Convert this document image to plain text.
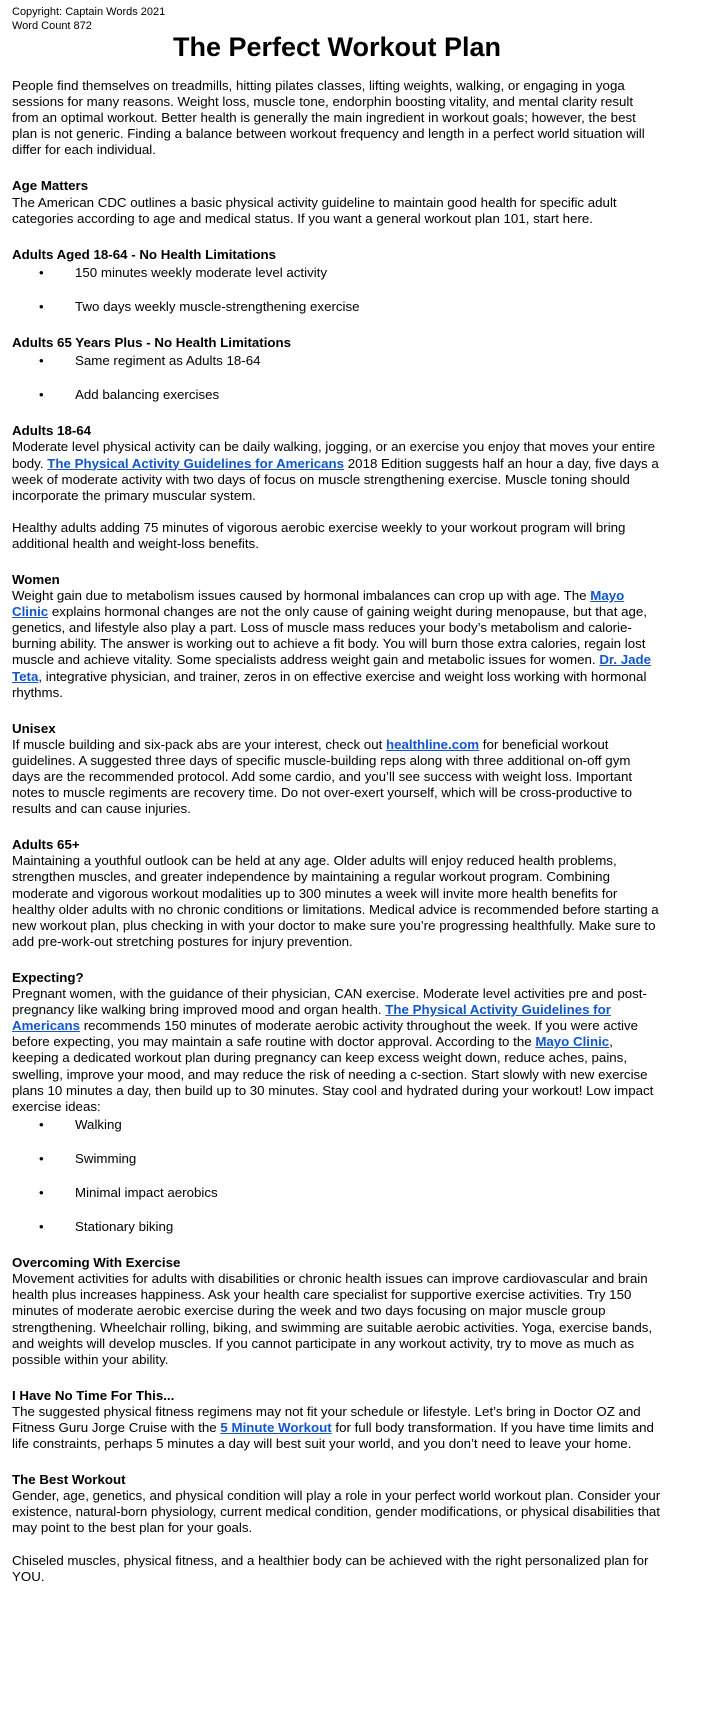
Copyright: Captain Words 2021
Word Count 872
The Perfect Workout Plan
People find themselves on treadmills, hitting pilates classes, lifting weights, walking, or engaging in yoga sessions for many reasons. Weight loss, muscle tone, endorphin boosting vitality, and mental clarity result from an optimal workout. Better health is generally the main ingredient in workout goals; however, the best plan is not generic. Finding a balance between workout frequency and length in a perfect world situation will differ for each individual.
Age Matters
The American CDC outlines a basic physical activity guideline to maintain good health for specific adult categories according to age and medical status. If you want a general workout plan 101, start here.
Adults Aged 18-64 - No Health Limitations
•	150 minutes weekly moderate level activity
•	Two days weekly muscle-strengthening exercise
Adults 65 Years Plus - No Health Limitations
•	Same regiment as Adults 18-64
•	Add balancing exercises
Adults 18-64
Moderate level physical activity can be daily walking, jogging, or an exercise you enjoy that moves your entire body. The Physical Activity Guidelines for Americans 2018 Edition suggests half an hour a day, five days a week of moderate activity with two days of focus on muscle strengthening exercise. Muscle toning should incorporate the primary muscular system.
Healthy adults adding 75 minutes of vigorous aerobic exercise weekly to your workout program will bring additional health and weight-loss benefits.
Women
Weight gain due to metabolism issues caused by hormonal imbalances can crop up with age. The Mayo Clinic explains hormonal changes are not the only cause of gaining weight during menopause, but that age, genetics, and lifestyle also play a part. Loss of muscle mass reduces your body’s metabolism and calorie-burning ability. The answer is working out to achieve a fit body. You will burn those extra calories, regain lost muscle and achieve vitality. Some specialists address weight gain and metabolic issues for women. Dr. Jade Teta, integrative physician, and trainer, zeros in on effective exercise and weight loss working with hormonal rhythms.
Unisex
If muscle building and six-pack abs are your interest, check out healthline.com for beneficial workout guidelines. A suggested three days of specific muscle-building reps along with three additional on-off gym days are the recommended protocol. Add some cardio, and you’ll see success with weight loss. Important notes to muscle regiments are recovery time. Do not over-exert yourself, which will be cross-productive to results and can cause injuries.
Adults 65+
Maintaining a youthful outlook can be held at any age. Older adults will enjoy reduced health problems, strengthen muscles, and greater independence by maintaining a regular workout program. Combining moderate and vigorous workout modalities up to 300 minutes a week will invite more health benefits for healthy older adults with no chronic conditions or limitations. Medical advice is recommended before starting a new workout plan, plus checking in with your doctor to make sure you’re progressing healthfully. Make sure to add pre-work-out stretching postures for injury prevention.
Expecting?
Pregnant women, with the guidance of their physician, CAN exercise. Moderate level activities pre and post-pregnancy like walking bring improved mood and organ health. The Physical Activity Guidelines for Americans recommends 150 minutes of moderate aerobic activity throughout the week. If you were active before expecting, you may maintain a safe routine with doctor approval. According to the Mayo Clinic, keeping a dedicated workout plan during pregnancy can keep excess weight down, reduce aches, pains, swelling, improve your mood, and may reduce the risk of needing a c-section. Start slowly with new exercise plans 10 minutes a day, then build up to 30 minutes. Stay cool and hydrated during your workout! Low impact exercise ideas:
•	Walking
•	Swimming
•	Minimal impact aerobics
•	Stationary biking
Overcoming With Exercise
Movement activities for adults with disabilities or chronic health issues can improve cardiovascular and brain health plus increases happiness. Ask your health care specialist for supportive exercise activities. Try 150 minutes of moderate aerobic exercise during the week and two days focusing on major muscle group strengthening. Wheelchair rolling, biking, and swimming are suitable aerobic activities. Yoga, exercise bands, and weights will develop muscles. If you cannot participate in any workout activity, try to move as much as possible within your ability.
I Have No Time For This...
The suggested physical fitness regimens may not fit your schedule or lifestyle. Let’s bring in Doctor OZ and Fitness Guru Jorge Cruise with the 5 Minute Workout for full body transformation. If you have time limits and life constraints, perhaps 5 minutes a day will best suit your world, and you don’t need to leave your home.
The Best Workout
Gender, age, genetics, and physical condition will play a role in your perfect world workout plan. Consider your existence, natural-born physiology, current medical condition, gender modifications, or physical disabilities that may point to the best plan for your goals.
Chiseled muscles, physical fitness, and a healthier body can be achieved with the right personalized plan for YOU.
